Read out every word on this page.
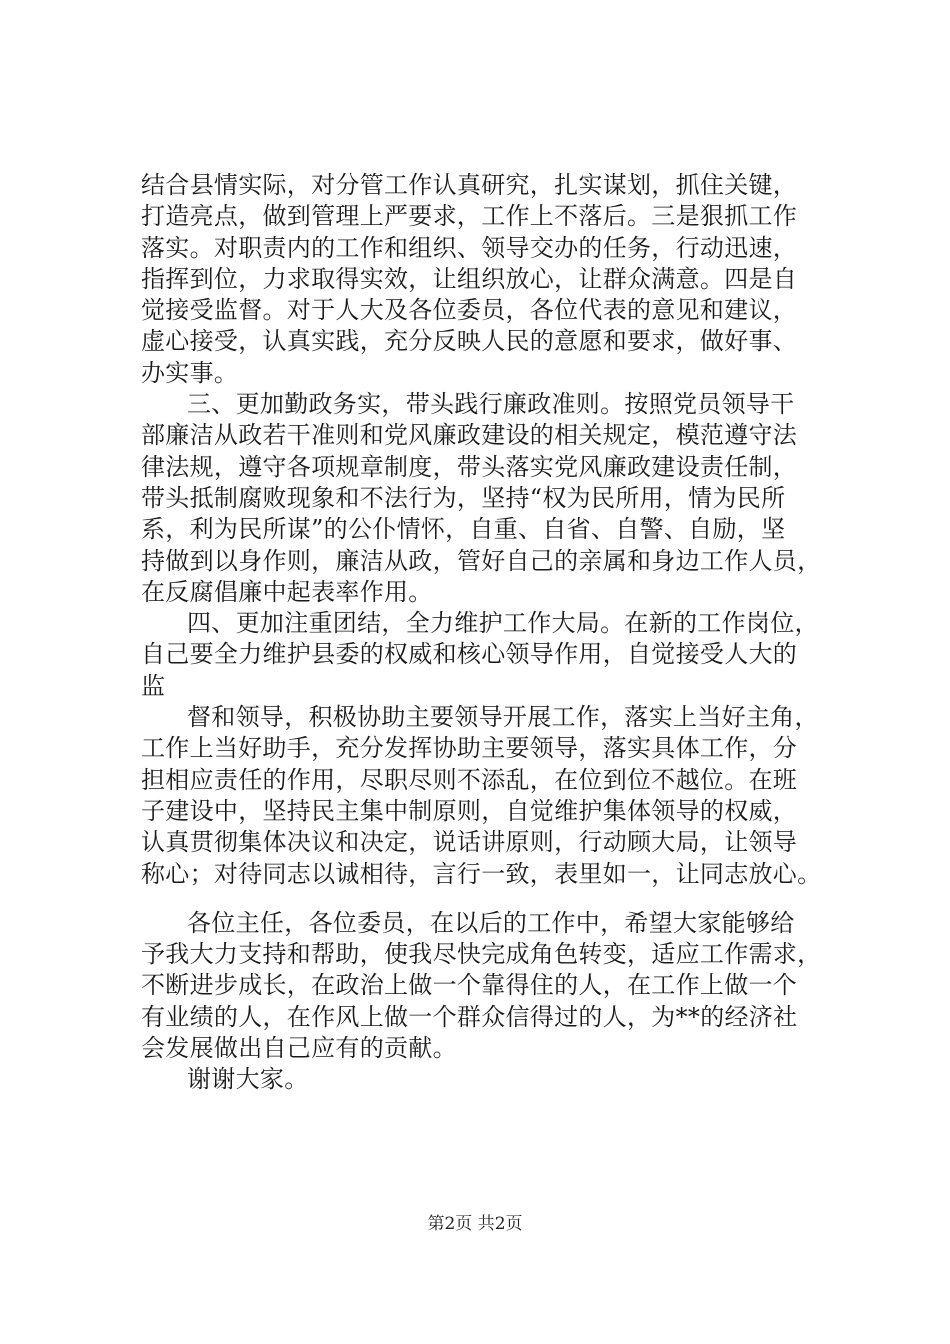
结合县情实际，对分管工作认真研究，扎实谋划，抓住关键，
打造亮点，做到管理上严要求，工作上不落后。三是狠抓工作
落实。对职责内的工作和组织、领导交办的任务，行动迅速，
指挥到位，力求取得实效，让组织放心，让群众满意。四是自
觉接受监督。对于人大及各位委员，各位代表的意见和建议，
虚心接受，认真实践，充分反映人民的意愿和要求，做好事、
办实事。
三、更加勤政务实，带头践行廉政准则。按照党员领导干
部廉洁从政若干准则和党风廉政建设的相关规定，模范遵守法
律法规，遵守各项规章制度，带头落实党风廉政建设责任制，
带头抵制腐败现象和不法行为，坚持“权为民所用，情为民所
系，利为民所谋”的公仆情怀，自重、自省、自警、自励，坚
持做到以身作则，廉洁从政，管好自己的亲属和身边工作人员，
在反腐倡廉中起表率作用。
四、更加注重团结，全力维护工作大局。在新的工作岗位，
自己要全力维护县委的权威和核心领导作用，自觉接受人大的
监
督和领导，积极协助主要领导开展工作，落实上当好主角，
工作上当好助手，充分发挥协助主要领导，落实具体工作，分
担相应责任的作用，尽职尽则不添乱，在位到位不越位。在班
子建设中，坚持民主集中制原则，自觉维护集体领导的权威，
认真贯彻集体决议和决定，说话讲原则，行动顾大局，让领导
称心；对待同志以诚相待，言行一致，表里如一，让同志放心。
各位主任，各位委员，在以后的工作中，希望大家能够给
予我大力支持和帮助，使我尽快完成角色转变，适应工作需求，
不断进步成长，在政治上做一个靠得住的人，在工作上做一个
有业绩的人，在作风上做一个群众信得过的人，为**的经济社
会发展做出自己应有的贡献。
谢谢大家。
第2页 共2页
